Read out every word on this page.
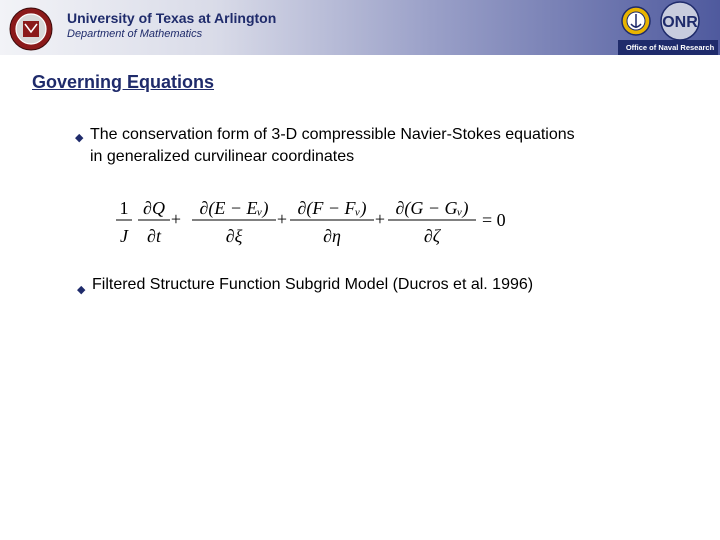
University of Texas at Arlington
Department of Mathematics
ONR
Office of Naval Research
Governing Equations
◆ The conservation form of 3-D compressible Navier-Stokes equations in generalized curvilinear coordinates
1
J
∂Q
∂t
+
∂(E − Eᵥ)
∂ξ
+
∂(F − Fᵥ)
∂η
+
∂(G − Gᵥ)
∂ζ
= 0
◆ Filtered Structure Function Subgrid Model (Ducros et al. 1996)
